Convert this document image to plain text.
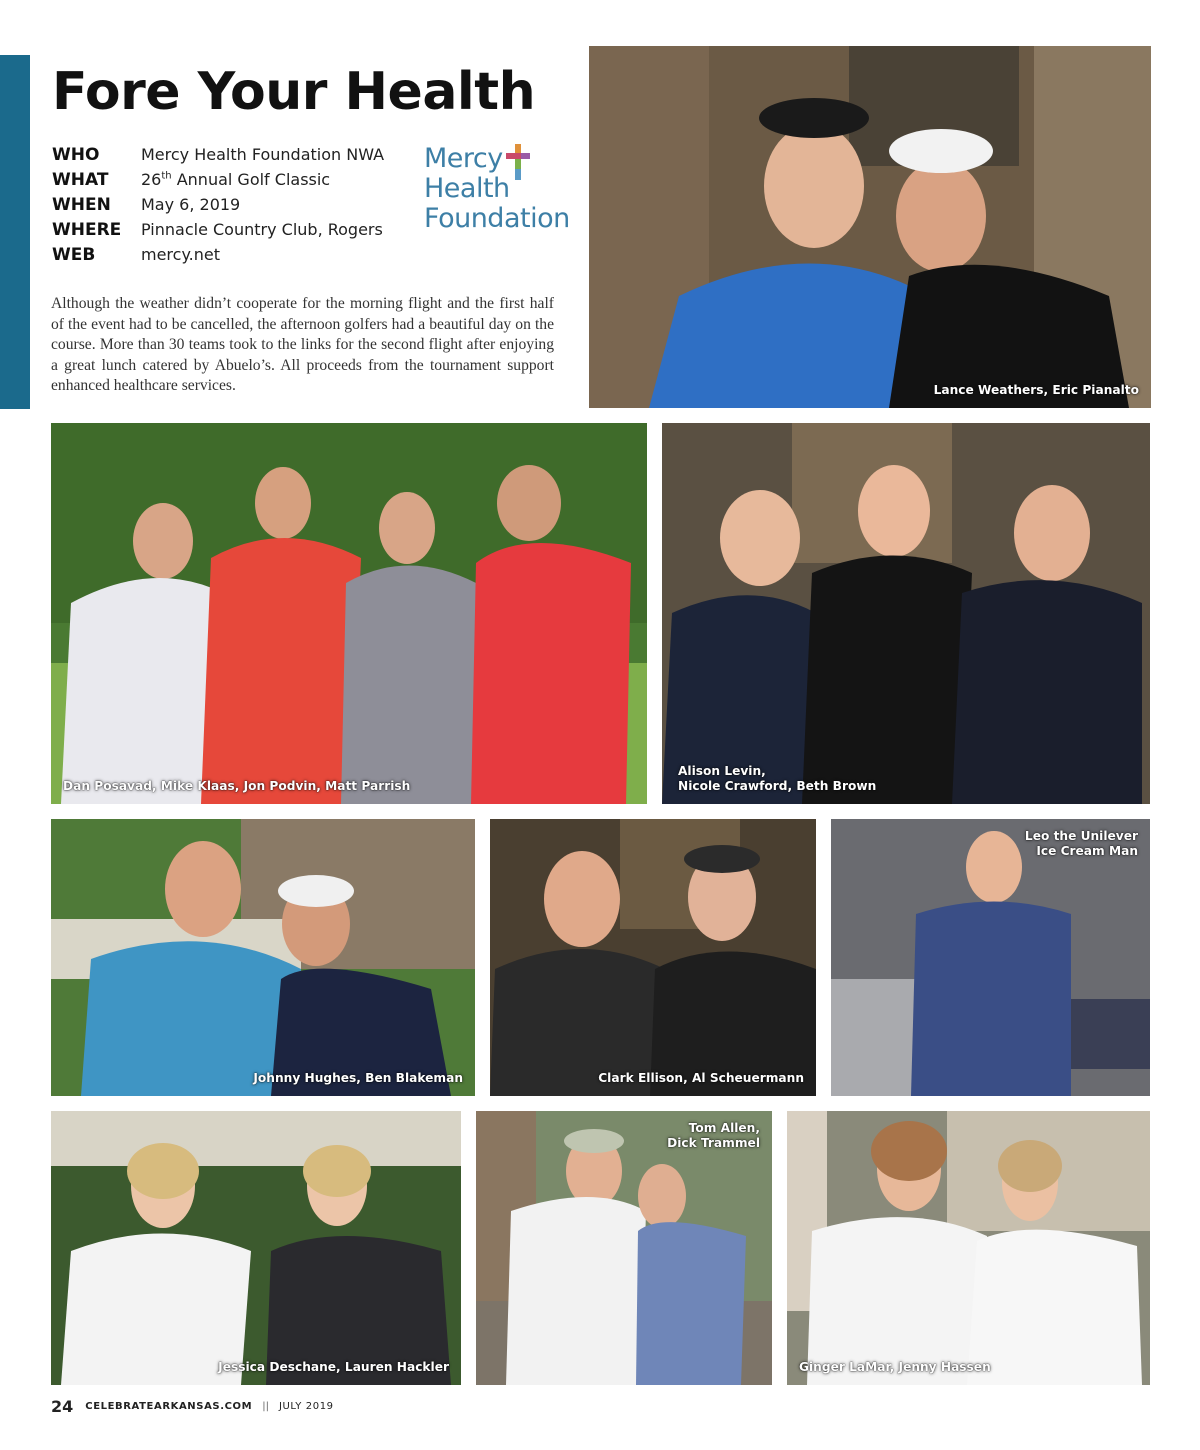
Fore Your Health
WHO	Mercy Health Foundation NWA
WHAT	26th Annual Golf Classic
WHEN	May 6, 2019
WHERE	Pinnacle Country Club, Rogers
WEB	mercy.net
Mercy
Health
Foundation

Although the weather didn’t cooperate for the morning flight and the first half of the event had to be cancelled, the afternoon golfers had a beautiful day on the course. More than 30 teams took to the links for the second flight after enjoying a great lunch catered by Abuelo’s. All proceeds from the tournament support enhanced healthcare services.	Lance Weathers, Eric Pianalto
Dan Posavad, Mike Klaas, Jon Podvin, Matt Parrish
Alison Levin,
Nicole Crawford, Beth Brown
Johnny Hughes, Ben Blakeman	Clark Ellison, Al Scheuermann
Leo the Unilever
Ice Cream Man
Jessica Deschane, Lauren Hackler
Tom Allen,
Dick Trammel
Ginger LaMar, Jenny Hassen
24 CELEBRATEARKANSAS.COM || JULY 2019
